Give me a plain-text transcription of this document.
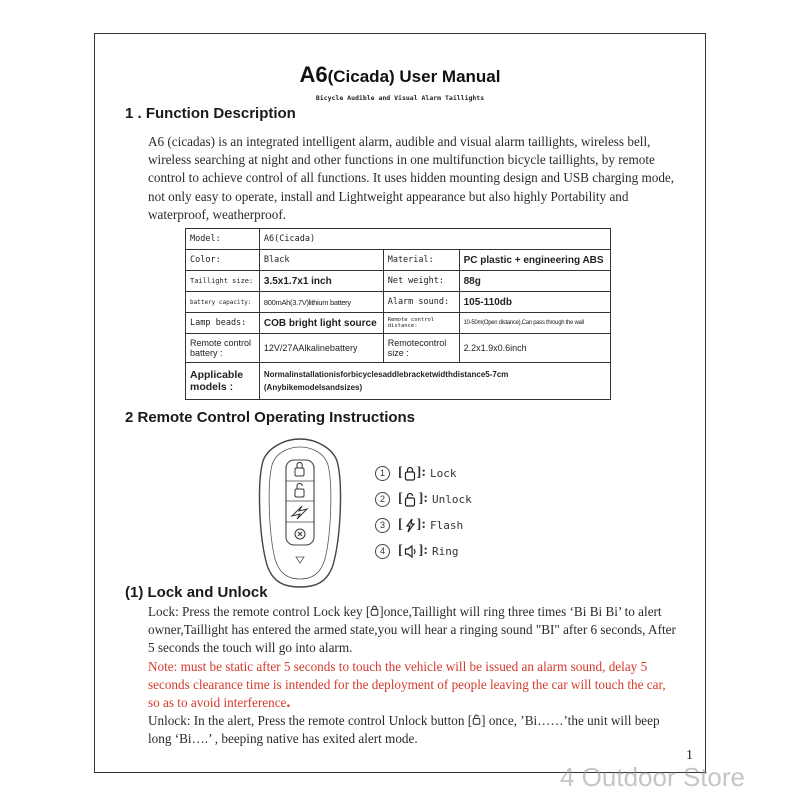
A6(Cicada) User Manual
Bicycle Audible and Visual Alarm Taillights
1 . Function Description
A6 (cicadas) is an integrated intelligent alarm, audible and visual alarm taillights, wireless bell, wireless searching at night and other functions in one multifunction bicycle taillights, by remote control to achieve control of all functions. It uses hidden mounting design and USB charging mode, not only easy to operate, install and Lightweight appearance but also highly Portability and waterproof, weatherproof.
Model:	A6(Cicada)		
Color:	Black	Material:	PC plastic + engineering ABS
Taillight size:	3.5x1.7x1 inch	Net weight:	88g
battery capacity:	800mAh(3.7V)lithium battery	Alarm sound:	105-110db
Lamp beads:	COB bright light source	Remote control distance:	10-50m(Open distance),Can pass through the wall
Remote control battery :	12V/27AAlkalinebattery	Remotecontrol size :	2.2x1.9x0.6inch
Applicable models :	Normalinstallationisforbicyclesaddlebracketwidthdistance5-7cm
(Anybikemodelsandsizes)		
2 Remote Control Operating Instructions
1 [ ]: Lock
2 [ ]: Unlock
3 [ ]: Flash
4 [ ]: Ring
(1) Lock and Unlock
Lock: Press the remote control Lock key [ ]once,Taillight will ring three times ‘Bi Bi Bi’ to alert owner,Taillight has entered the armed state,you will hear a ringing sound "BI" after 6 seconds, After 5 seconds the touch will go into alarm.
Note: must be static after 5 seconds to touch the vehicle will be issued an alarm sound, delay 5 seconds clearance time is intended for the deployment of people leaving the car will touch the car, so as to avoid interference.
Unlock: In the alert, Press the remote control Unlock button [ ] once, ’Bi……’the unit will beep long ‘Bi….’ , beeping native has exited alert mode.
1
4 Outdoor Store
